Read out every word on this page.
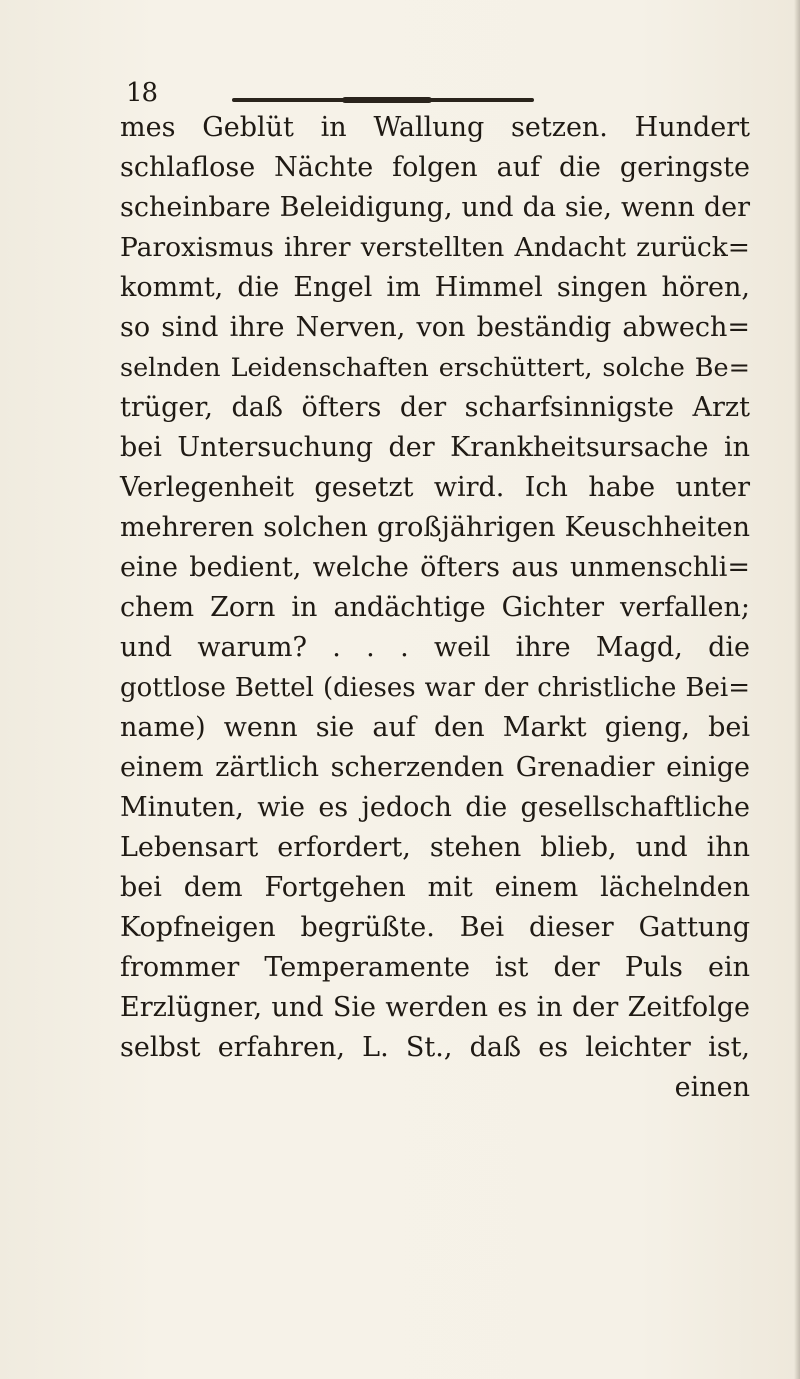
18
mes Geblüt in Wallung setzen. Hundert
schlaflose Nächte folgen auf die geringste
scheinbare Beleidigung, und da sie, wenn der
Paroxismus ihrer verstellten Andacht zurück=
kommt, die Engel im Himmel singen hören,
so sind ihre Nerven, von beständig abwech=
selnden Leidenschaften erschüttert, solche Be=
trüger, daß öfters der scharfsinnigste Arzt
bei Untersuchung der Krankheitsursache in
Verlegenheit gesetzt wird. Ich habe unter
mehreren solchen großjährigen Keuschheiten
eine bedient, welche öfters aus unmenschli=
chem Zorn in andächtige Gichter verfallen;
und warum? . . . weil ihre Magd, die
gottlose Bettel (dieses war der christliche Bei=
name) wenn sie auf den Markt gieng, bei
einem zärtlich scherzenden Grenadier einige
Minuten, wie es jedoch die gesellschaftliche
Lebensart erfordert, stehen blieb, und ihn
bei dem Fortgehen mit einem lächelnden
Kopfneigen begrüßte. Bei dieser Gattung
frommer Temperamente ist der Puls ein
Erzlügner, und Sie werden es in der Zeitfolge
selbst erfahren, L. St., daß es leichter ist,
einen
